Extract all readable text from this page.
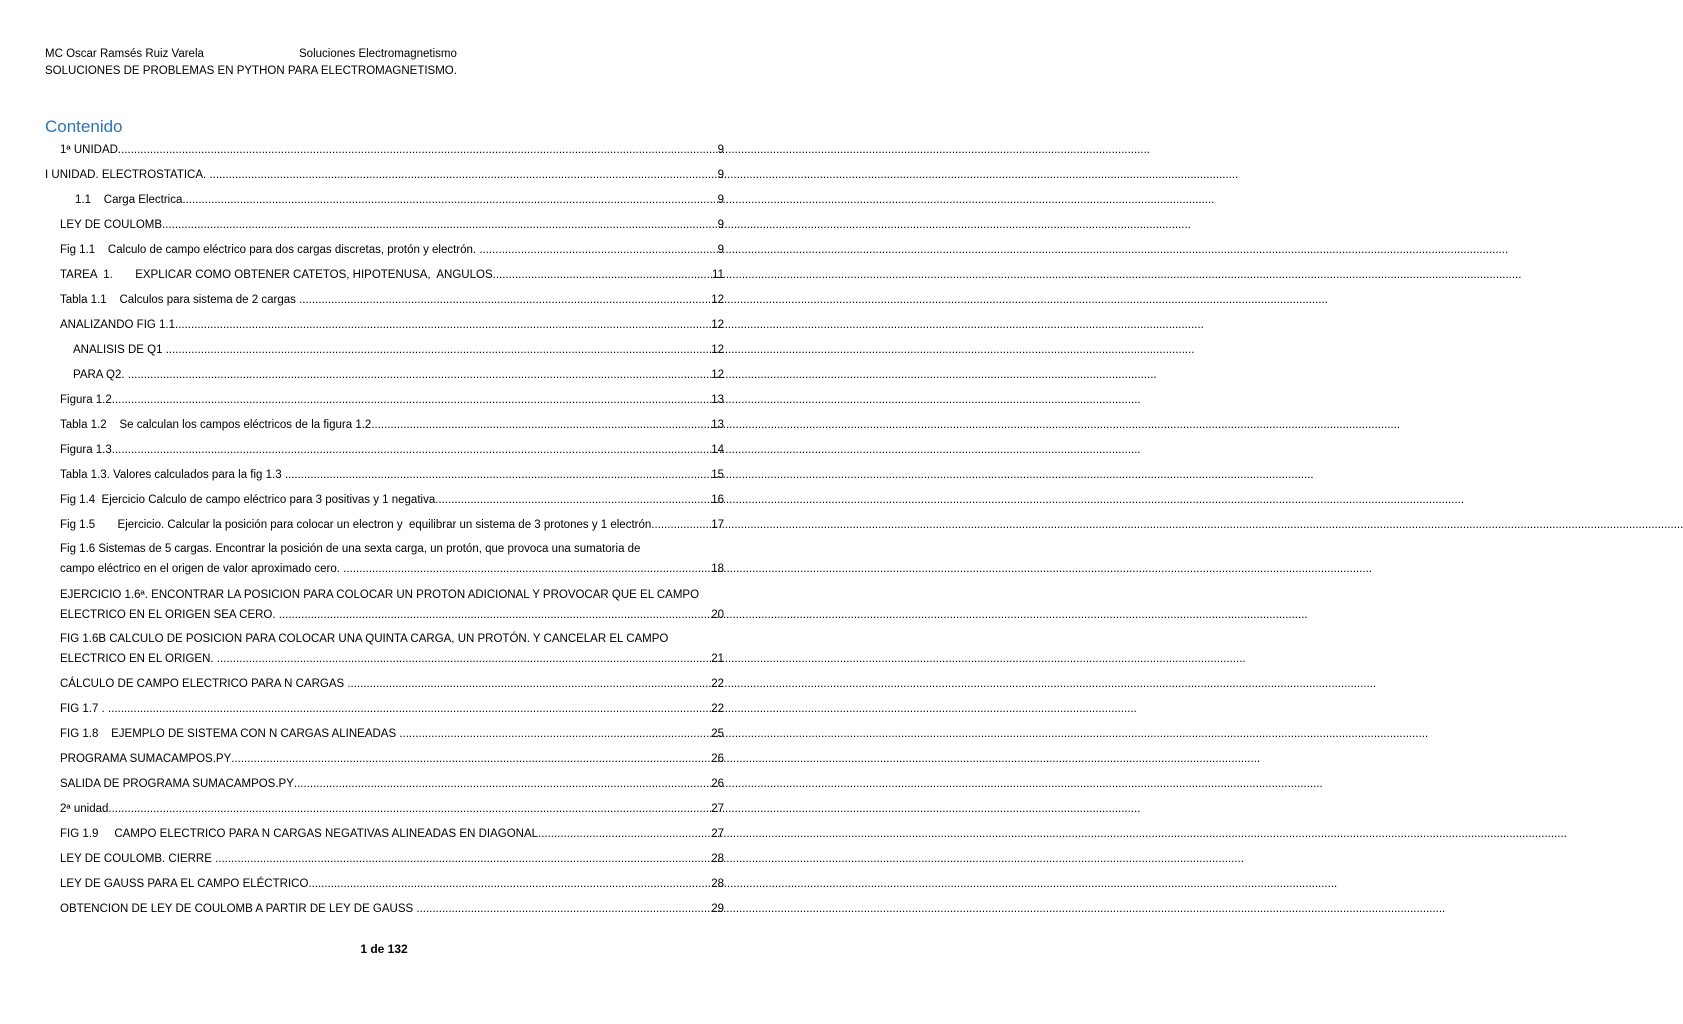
MC Oscar Ramsés Ruiz Varela	Soluciones Electromagnetismo
SOLUCIONES DE PROBLEMAS EN PYTHON PARA ELECTROMAGNETISMO.
Contenido
1ª UNIDAD. .....	9
I UNIDAD. ELECTROSTATICA. .....	9
1.1    Carga Electrica. .....	9
LEY DE COULOMB .....	9
Fig 1.1    Calculo de campo eléctrico para dos cargas discretas, protón y electrón. .....	9
TAREA  1.       EXPLICAR COMO OBTENER CATETOS, HIPOTENUSA,  ANGULOS .....	11
Tabla 1.1    Calculos para sistema de 2 cargas .....	12
ANALIZANDO FIG 1.1 .....	12
ANALISIS DE Q1 .....	12
PARA Q2. .....	12
Figura 1.2 .....	13
Tabla 1.2    Se calculan los campos eléctricos de la figura 1.2 .....	13
Figura 1.3 .....	14
Tabla 1.3. Valores calculados para la fig 1.3 .....	15
Fig 1.4  Ejercicio Calculo de campo eléctrico para 3 positivas y 1 negativa .....	16
Fig 1.5       Ejercicio. Calcular la posición para colocar un electron y  equilibrar un sistema de 3 protones y 1 electrón. .....	17
Fig 1.6 Sistemas de 5 cargas. Encontrar la posición de una sexta carga, un protón, que provoca una sumatoria de
campo eléctrico en el origen de valor aproximado cero. .....	18
EJERCICIO 1.6ª. ENCONTRAR LA POSICION PARA COLOCAR UN PROTON ADICIONAL Y PROVOCAR QUE EL CAMPO
ELECTRICO EN EL ORIGEN SEA CERO. .....	20
FIG 1.6B CALCULO DE POSICION PARA COLOCAR UNA QUINTA CARGA, UN PROTÓN. Y CANCELAR EL CAMPO
ELECTRICO EN EL ORIGEN. .....	21
CÁLCULO DE CAMPO ELECTRICO PARA N CARGAS .....	22
FIG 1.7 . .....	22
FIG 1.8    EJEMPLO DE SISTEMA CON N CARGAS ALINEADAS .....	25
PROGRAMA SUMACAMPOS.PY .....	26
SALIDA DE PROGRAMA SUMACAMPOS.PY .....	26
2ª unidad. .....	27
FIG 1.9     CAMPO ELECTRICO PARA N CARGAS NEGATIVAS ALINEADAS EN DIAGONAL .....	27
LEY DE COULOMB. CIERRE .....	28
LEY DE GAUSS PARA EL CAMPO ELÉCTRICO .....	28
OBTENCION DE LEY DE COULOMB A PARTIR DE LEY DE GAUSS .....	29
1 de 132
